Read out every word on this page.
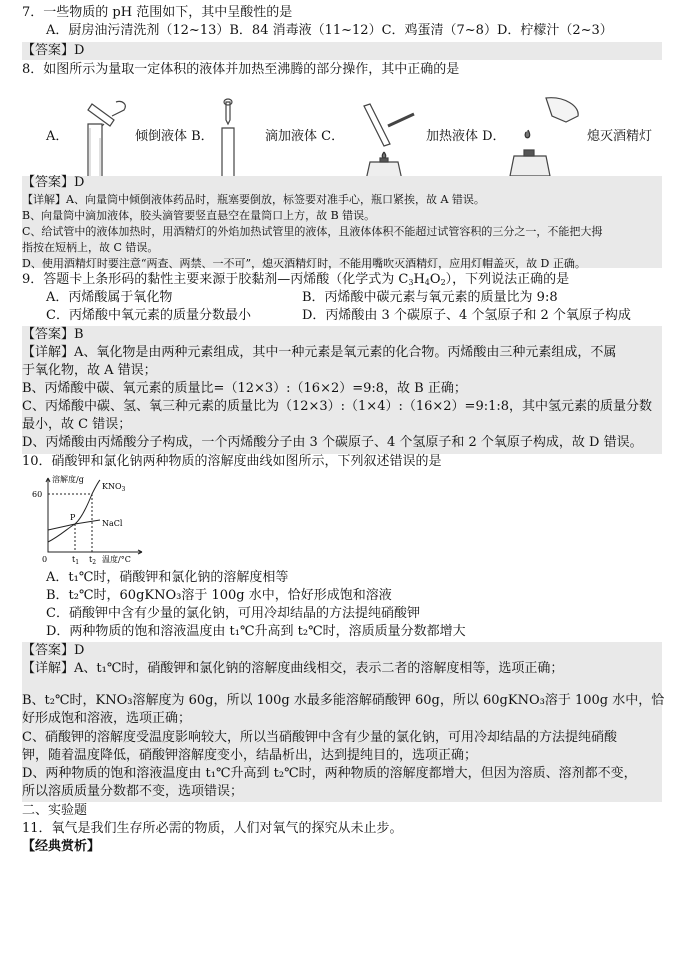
7．一些物质的 pH 范围如下，其中呈酸性的是
A．厨房油污清洗剂（12~13）B．84 消毒液（11~12）C．鸡蛋清（7~8）D．柠檬汁（2~3）
【答案】D
8．如图所示为量取一定体积的液体并加热至沸腾的部分操作，其中正确的是
A．	倾倒液体 B．	滴加液体 C．	加热液体 D．	熄灭酒精灯
【答案】D
【详解】A、向量筒中倾倒液体药品时，瓶塞要倒放，标签要对准手心，瓶口紧挨，故 A 错误。
B、向量筒中滴加液体，胶头滴管要竖直悬空在量筒口上方，故 B 错误。
C、给试管中的液体加热时，用酒精灯的外焰加热试管里的液体，且液体体积不能超过试管容积的三分之一，不能把大拇
指按在短柄上，故 C 错误。
D、使用酒精灯时要注意“两查、两禁、一不可”，熄灭酒精灯时，不能用嘴吹灭酒精灯，应用灯帽盖灭，故 D 正确。
9．答题卡上条形码的黏性主要来源于胶黏剂—丙烯酸（化学式为 $C_3H_4O_2$），下列说法正确的是
A．丙烯酸属于氧化物	B．丙烯酸中碳元素与氧元素的质量比为 9:8
C．丙烯酸中氧元素的质量分数最小	D．丙烯酸由 3 个碳原子、4 个氢原子和 2 个氧原子构成
【答案】B
【详解】A、氧化物是由两种元素组成，其中一种元素是氧元素的化合物。丙烯酸由三种元素组成，不属
于氧化物，故 A 错误；
B、丙烯酸中碳、氧元素的质量比=（12×3）:（16×2）=9:8，故 B 正确；
C、丙烯酸中碳、氢、氧三种元素的质量比为（12×3）:（1×4）:（16×2）=9:1:8，其中氢元素的质量分数
最小，故 C 错误；
D、丙烯酸由丙烯酸分子构成，一个丙烯酸分子由 3 个碳原子、4 个氢原子和 2 个氧原子构成，故 D 错误。
10．硝酸钾和氯化钠两种物质的溶解度曲线如图所示，下列叙述错误的是
溶解度/g
60
$KNO_3$
NaCl
P
0	$t_1$ $t_2$ 温度/°C
A．t₁℃时，硝酸钾和氯化钠的溶解度相等
B．t₂℃时，60gKNO₃溶于 100g 水中，恰好形成饱和溶液
C．硝酸钾中含有少量的氯化钠，可用冷却结晶的方法提纯硝酸钾
D．两种物质的饱和溶液温度由 t₁℃升高到 t₂℃时，溶质质量分数都增大
【答案】D
【详解】A、t₁℃时，硝酸钾和氯化钠的溶解度曲线相交，表示二者的溶解度相等，选项正确；
B、t₂℃时，KNO₃溶解度为 60g，所以 100g 水最多能溶解硝酸钾 60g，所以 60gKNO₃溶于 100g 水中，恰
好形成饱和溶液，选项正确；
C、硝酸钾的溶解度受温度影响较大，所以当硝酸钾中含有少量的氯化钠，可用冷却结晶的方法提纯硝酸
钾，随着温度降低，硝酸钾溶解度变小，结晶析出，达到提纯目的，选项正确；
D、两种物质的饱和溶液温度由 t₁℃升高到 t₂℃时，两种物质的溶解度都增大，但因为溶质、溶剂都不变，
所以溶质质量分数都不变，选项错误；
二、实验题
11．氧气是我们生存所必需的物质，人们对氧气的探究从未止步。
【经典赏析】
